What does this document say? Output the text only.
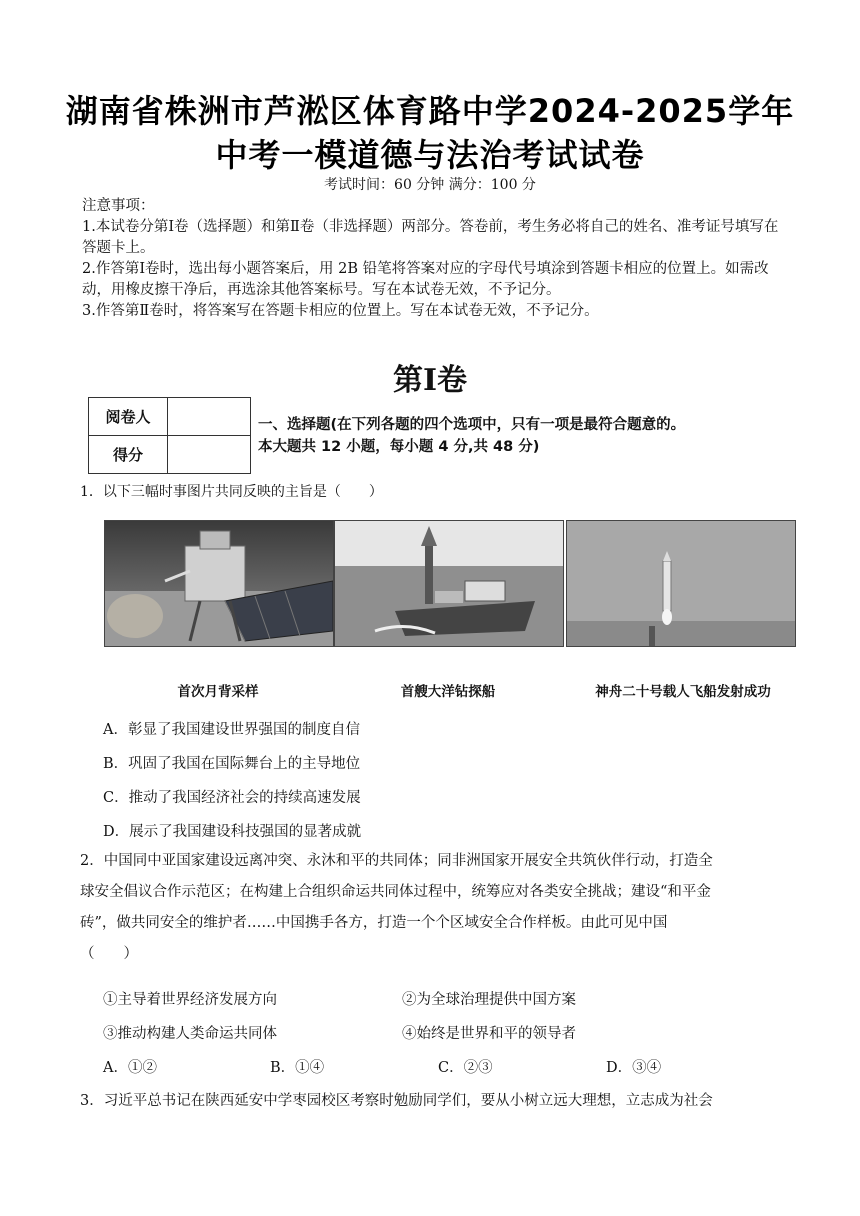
湖南省株洲市芦淞区体育路中学2024-2025学年
中考一模道德与法治考试试卷
考试时间：60 分钟 满分：100 分
注意事项：
1.本试卷分第Ⅰ卷（选择题）和第Ⅱ卷（非选择题）两部分。答卷前，考生务必将自己的姓名、准考证号填写在答题卡上。
2.作答第Ⅰ卷时，选出每小题答案后，用 2B 铅笔将答案对应的字母代号填涂到答题卡相应的位置上。如需改动，用橡皮擦干净后，再选涂其他答案标号。写在本试卷无效，不予记分。
3.作答第Ⅱ卷时，将答案写在答题卡相应的位置上。写在本试卷无效，不予记分。
第Ⅰ卷
阅卷人	
得分	
一、选择题(在下列各题的四个选项中，只有一项是最符合题意的。
本大题共 12 小题，每小题 4 分,共 48 分)
1．以下三幅时事图片共同反映的主旨是（　　）
首次月背采样	首艘大洋钻探船	神舟二十号载人飞船发射成功
A．彰显了我国建设世界强国的制度自信
B．巩固了我国在国际舞台上的主导地位
C．推动了我国经济社会的持续高速发展
D．展示了我国建设科技强国的显著成就
2．中国同中亚国家建设远离冲突、永沐和平的共同体；同非洲国家开展安全共筑伙伴行动，打造全
球安全倡议合作示范区；在构建上合组织命运共同体过程中，统筹应对各类安全挑战；建设“和平金
砖”，做共同安全的维护者……中国携手各方，打造一个个区域安全合作样板。由此可见中国
（　　）
①主导着世界经济发展方向	②为全球治理提供中国方案
③推动构建人类命运共同体	④始终是世界和平的领导者
A．①②	B．①④	C．②③	D．③④
3．习近平总书记在陕西延安中学枣园校区考察时勉励同学们，要从小树立远大理想，立志成为社会
